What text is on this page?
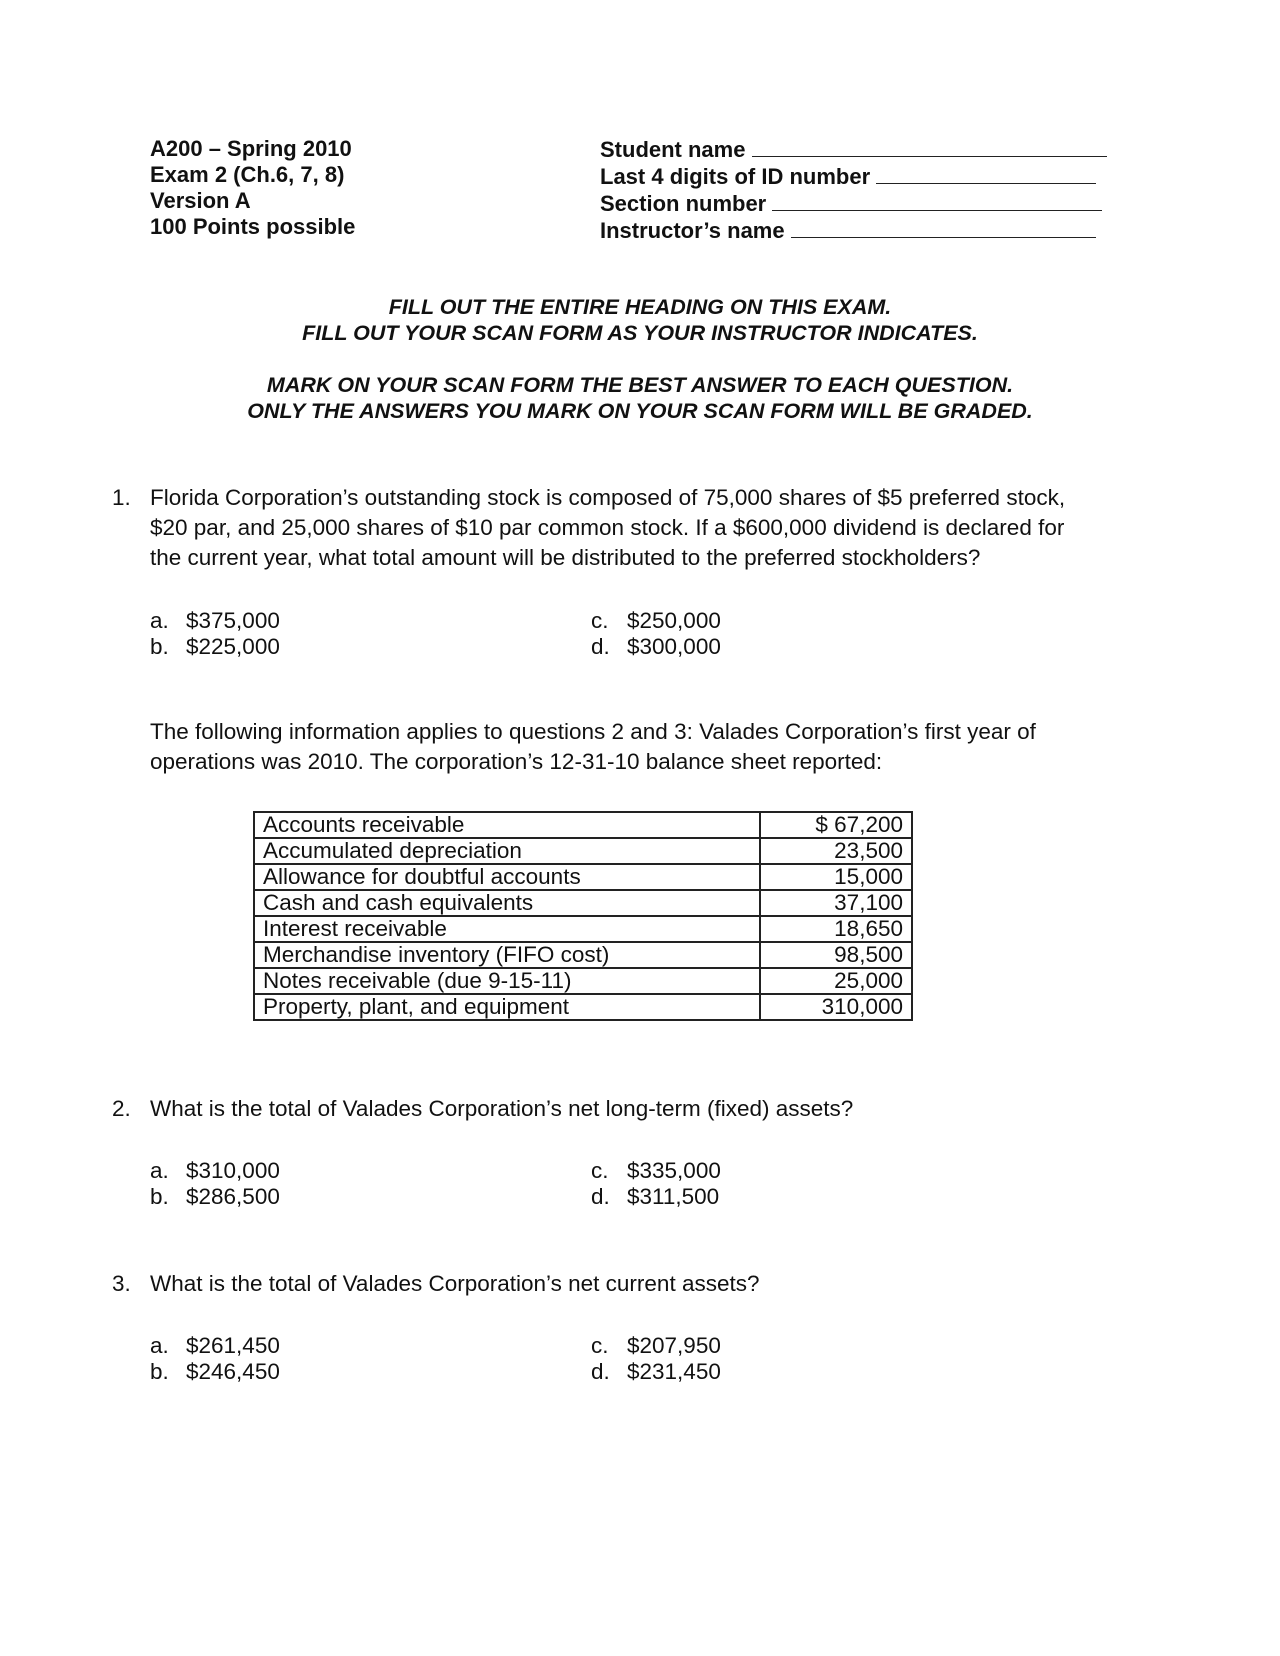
A200 – Spring 2010
Exam 2 (Ch.6, 7, 8)
Version A
100 Points possible
Student name
Last 4 digits of ID number
Section number
Instructor’s name
FILL OUT THE ENTIRE HEADING ON THIS EXAM.
FILL OUT YOUR SCAN FORM AS YOUR INSTRUCTOR INDICATES.
MARK ON YOUR SCAN FORM THE BEST ANSWER TO EACH QUESTION.
ONLY THE ANSWERS YOU MARK ON YOUR SCAN FORM WILL BE GRADED.
1. Florida Corporation’s outstanding stock is composed of 75,000 shares of $5 preferred stock, $20 par, and 25,000 shares of $10 par common stock. If a $600,000 dividend is declared for the current year, what total amount will be distributed to the preferred stockholders?
a. $375,000
b. $225,000
c. $250,000
d. $300,000
The following information applies to questions 2 and 3: Valades Corporation’s first year of operations was 2010. The corporation’s 12-31-10 balance sheet reported:
Accounts receivable	$ 67,200
Accumulated depreciation	23,500
Allowance for doubtful accounts	15,000
Cash and cash equivalents	37,100
Interest receivable	18,650
Merchandise inventory (FIFO cost)	98,500
Notes receivable (due 9-15-11)	25,000
Property, plant, and equipment	310,000
2. What is the total of Valades Corporation’s net long-term (fixed) assets?
a. $310,000
b. $286,500
c. $335,000
d. $311,500
3. What is the total of Valades Corporation’s net current assets?
a. $261,450
b. $246,450
c. $207,950
d. $231,450
